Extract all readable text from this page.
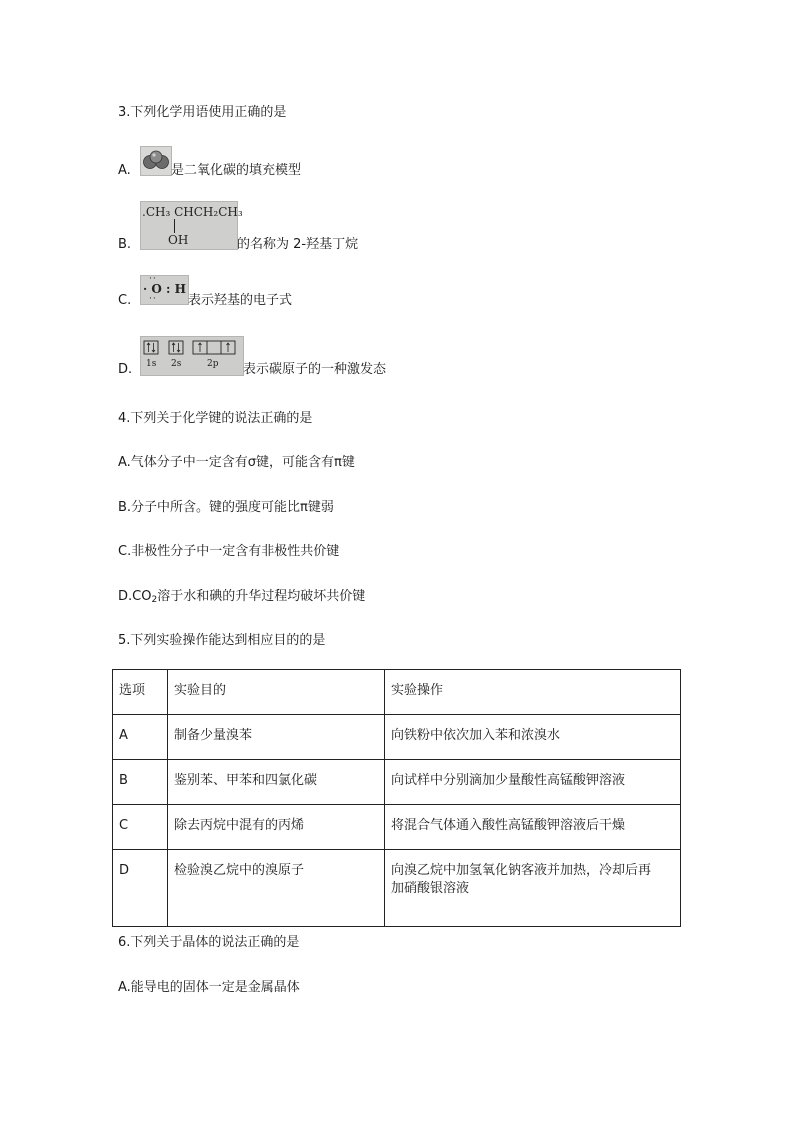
3.下列化学用语使用正确的是
A.	是二氧化碳的填充模型
B.
.CH₃ CHCH₂CH₃
OH	的名称为 2-羟基丁烷
C.
··
· O : H
·· 表示羟基的电子式
D. 1s 2s	2p 表示碳原子的一种激发态
4.下列关于化学键的说法正确的是
A.气体分子中一定含有σ键，可能含有π键
B.分子中所含。键的强度可能比π键弱
C.非极性分子中一定含有非极性共价键
$D.CO_2$溶于水和碘的升华过程均破坏共价键
5.下列实验操作能达到相应目的的是
选项	实验目的	实验操作

A	制备少量溴苯	向铁粉中依次加入苯和浓溴水

B	鉴别苯、甲苯和四氯化碳	向试样中分别滴加少量酸性高锰酸钾溶液

C	除去丙烷中混有的丙烯	将混合气体通入酸性高锰酸钾溶液后干燥

D	检验溴乙烷中的溴原子	向溴乙烷中加氢氧化钠客液并加热，冷却后再
加硝酸银溶液
6.下列关于晶体的说法正确的是
A.能导电的固体一定是金属晶体
